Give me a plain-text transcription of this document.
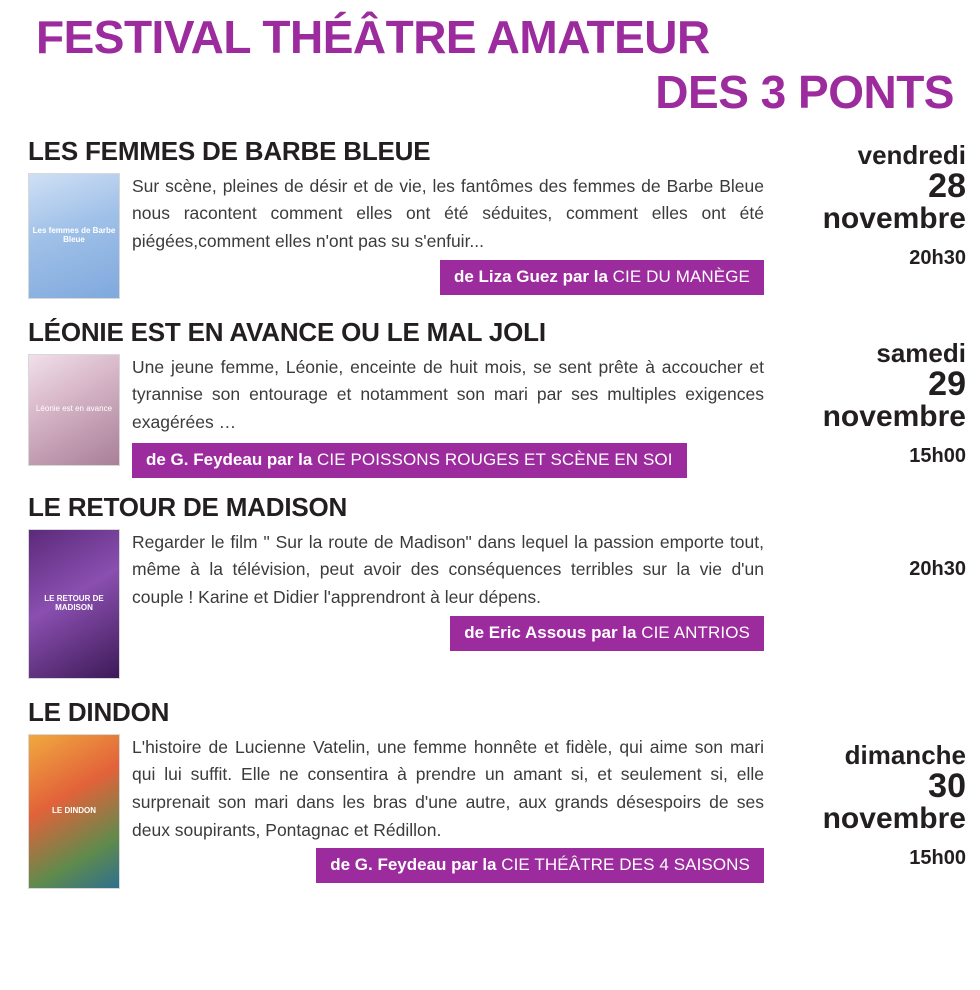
FESTIVAL THÉÂTRE AMATEUR
DES 3 PONTS
vendredi
28
novembre
20h30
samedi
29
novembre
15h00
20h30
dimanche
30
novembre
15h00
LES FEMMES DE BARBE BLEUE
Les femmes de Barbe Bleue
Sur scène, pleines de désir et de vie, les fantômes des femmes de Barbe Bleue nous racontent comment elles ont été séduites, comment elles ont été piégées,comment elles n'ont pas su s'enfuir...
de Liza Guez par la CIE DU MANÈGE
LÉONIE EST EN AVANCE OU LE MAL JOLI
Léonie est en avance
Une jeune femme, Léonie, enceinte de huit mois, se sent prête à accoucher et tyrannise son entourage et notamment son mari par ses multiples exigences exagérées …
de G. Feydeau par la CIE POISSONS ROUGES ET SCÈNE EN SOI
LE RETOUR DE MADISON
LE RETOUR DE MADISON
Regarder le film " Sur la route de Madison" dans lequel la passion emporte tout, même à la télévision, peut avoir des conséquences terribles sur la vie d'un couple ! Karine et Didier l'apprendront à leur dépens.
de Eric Assous par la CIE ANTRIOS
LE DINDON
LE DINDON
L'histoire de Lucienne Vatelin, une femme honnête et fidèle, qui aime son mari qui lui suffit. Elle ne consentira à prendre un amant si, et seulement si, elle surprenait son mari dans les bras d'une autre, aux grands désespoirs de ses deux soupirants, Pontagnac et Rédillon.
de G. Feydeau par la CIE THÉÂTRE DES 4 SAISONS
